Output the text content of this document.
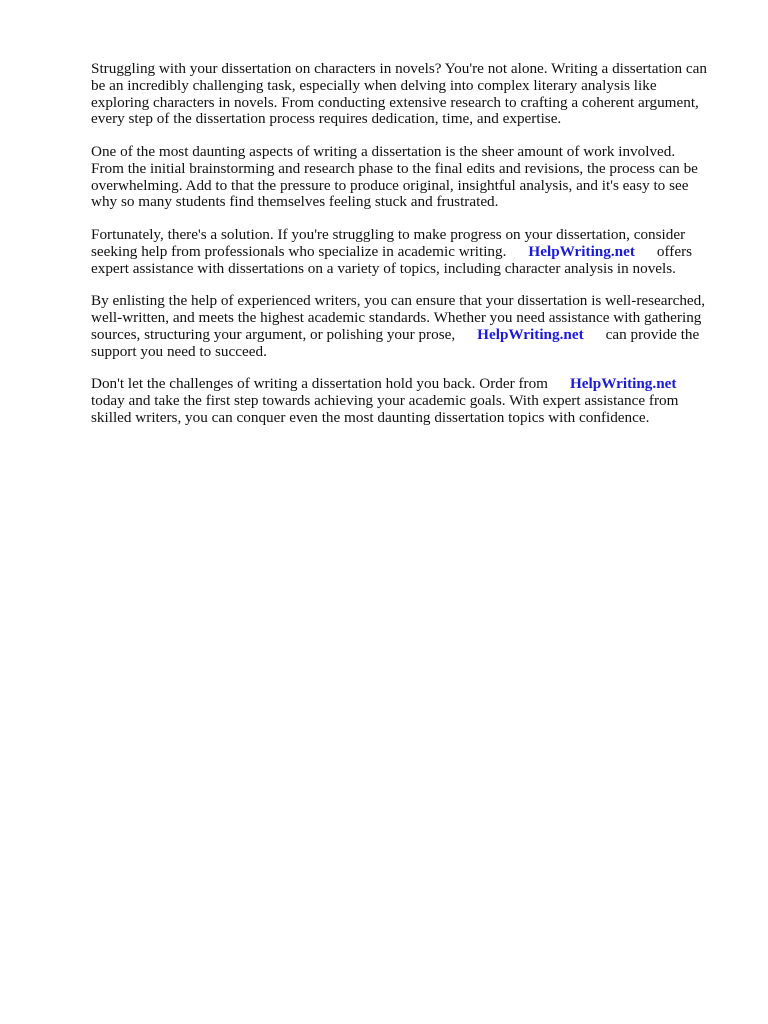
Struggling with your dissertation on characters in novels? You're not alone. Writing a dissertation can
be an incredibly challenging task, especially when delving into complex literary analysis like
exploring characters in novels. From conducting extensive research to crafting a coherent argument,
every step of the dissertation process requires dedication, time, and expertise.

One of the most daunting aspects of writing a dissertation is the sheer amount of work involved.
From the initial brainstorming and research phase to the final edits and revisions, the process can be
overwhelming. Add to that the pressure to produce original, insightful analysis, and it's easy to see
why so many students find themselves feeling stuck and frustrated.

Fortunately, there's a solution. If you're struggling to make progress on your dissertation, consider
seeking help from professionals who specialize in academic writing. HelpWriting.net offers
expert assistance with dissertations on a variety of topics, including character analysis in novels.

By enlisting the help of experienced writers, you can ensure that your dissertation is well-researched,
well-written, and meets the highest academic standards. Whether you need assistance with gathering
sources, structuring your argument, or polishing your prose, HelpWriting.net can provide the
support you need to succeed.

Don't let the challenges of writing a dissertation hold you back. Order from HelpWriting.net
today and take the first step towards achieving your academic goals. With expert assistance from
skilled writers, you can conquer even the most daunting dissertation topics with confidence.
